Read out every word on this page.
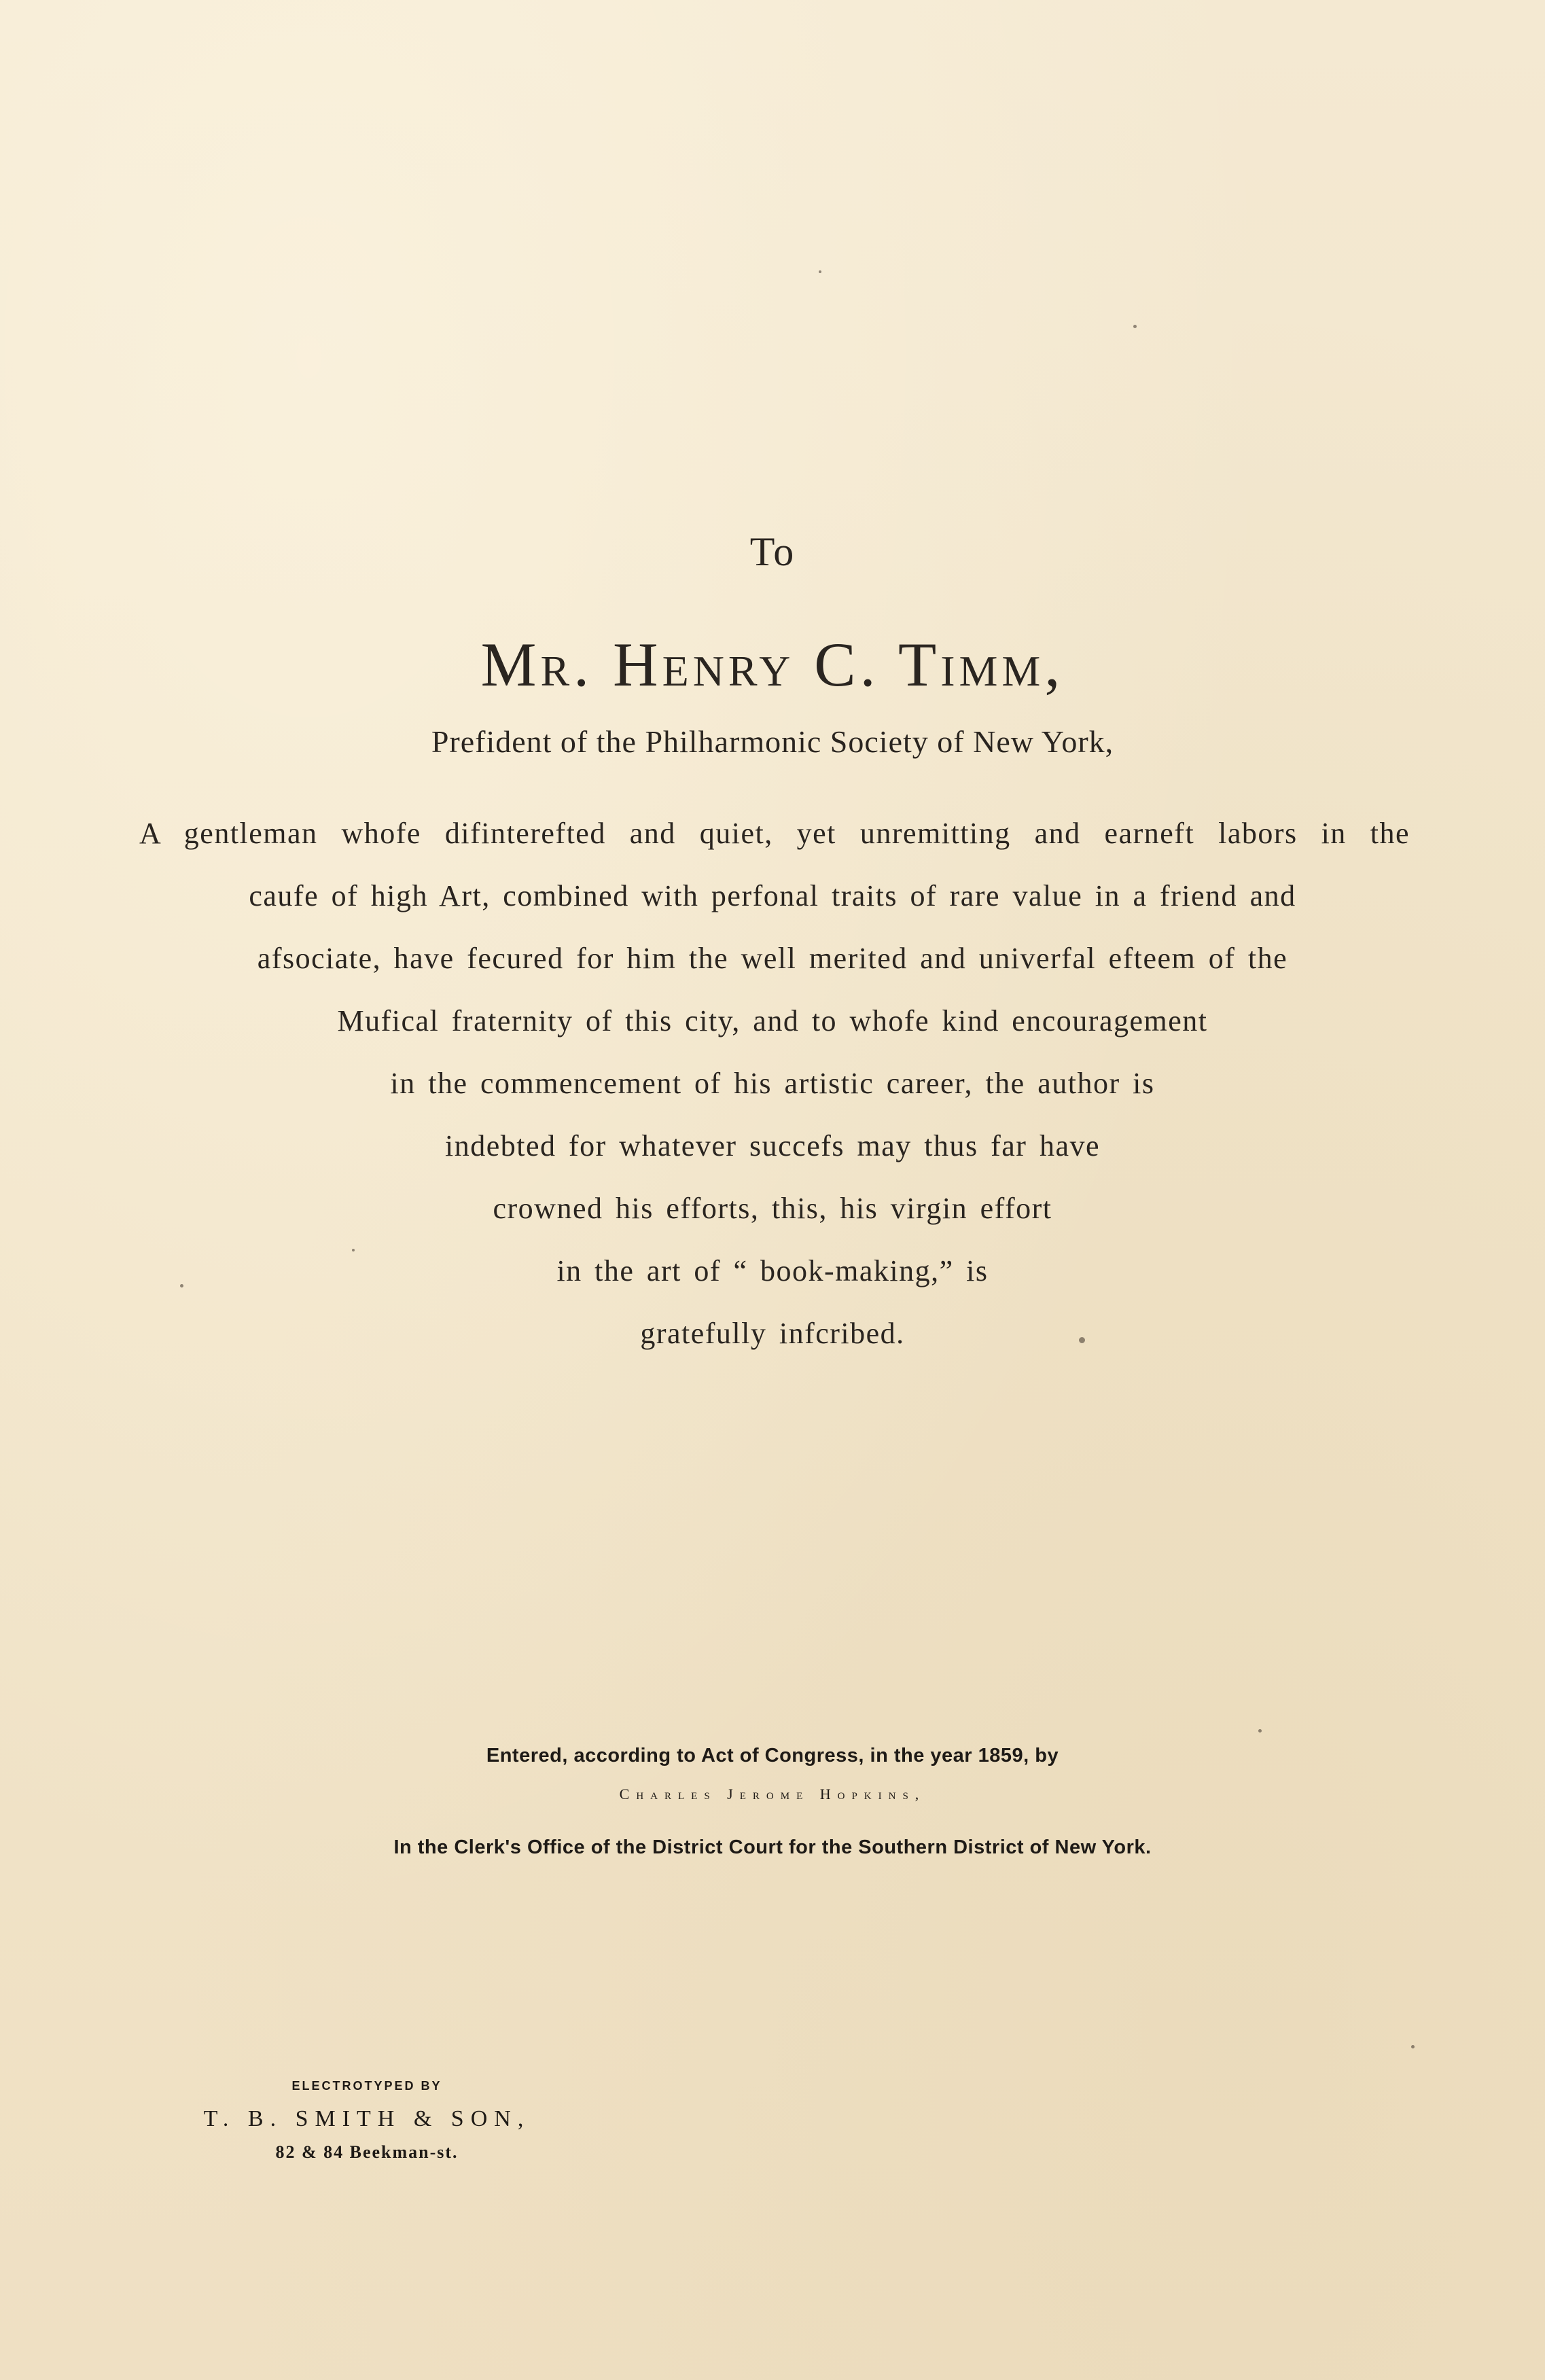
To
Mr. Henry C. Timm,
Prefident of the Philharmonic Society of New York,
A gentleman whofe difinterefted and quiet, yet unremitting and earneft labors in the
caufe of high Art, combined with perfonal traits of rare value in a friend and
afsociate, have fecured for him the well merited and univerfal efteem of the
Mufical fraternity of this city, and to whofe kind encouragement
in the commencement of his artistic career, the author is
indebted for whatever succefs may thus far have
crowned his efforts, this, his virgin effort
in the art of “ book-making,” is
gratefully infcribed.
Entered, according to Act of Congress, in the year 1859, by
Charles Jerome Hopkins,
In the Clerk's Office of the District Court for the Southern District of New York.
ELECTROTYPED BY
T. B. SMITH & SON,
82 & 84 Beekman-st.
